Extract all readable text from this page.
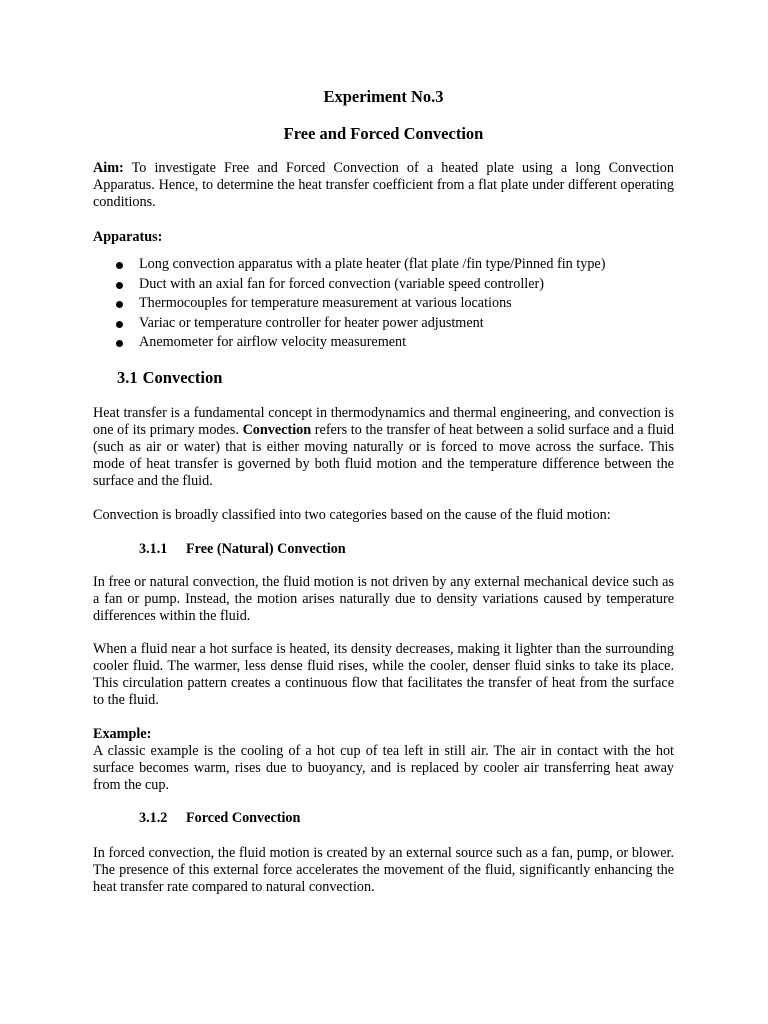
Experiment No.3
Free and Forced Convection

Aim: To investigate Free and Forced Convection of a heated plate using a long Convection Apparatus. Hence, to determine the heat transfer coefficient from a flat plate under different operating conditions.

Apparatus:

Long convection apparatus with a plate heater (flat plate /fin type/Pinned fin type)
Duct with an axial fan for forced convection (variable speed controller)
Thermocouples for temperature measurement at various locations
Variac or temperature controller for heater power adjustment
Anemometer for airflow velocity measurement
3.1 Convection

Heat transfer is a fundamental concept in thermodynamics and thermal engineering, and convection is one of its primary modes. Convection refers to the transfer of heat between a solid surface and a fluid (such as air or water) that is either moving naturally or is forced to move across the surface. This mode of heat transfer is governed by both fluid motion and the temperature difference between the surface and the fluid.

Convection is broadly classified into two categories based on the cause of the fluid motion:

3.1.1 Free (Natural) Convection

In free or natural convection, the fluid motion is not driven by any external mechanical device such as a fan or pump. Instead, the motion arises naturally due to density variations caused by temperature differences within the fluid.

When a fluid near a hot surface is heated, its density decreases, making it lighter than the surrounding cooler fluid. The warmer, less dense fluid rises, while the cooler, denser fluid sinks to take its place. This circulation pattern creates a continuous flow that facilitates the transfer of heat from the surface to the fluid.

Example:

A classic example is the cooling of a hot cup of tea left in still air. The air in contact with the hot surface becomes warm, rises due to buoyancy, and is replaced by cooler air transferring heat away from the cup.

3.1.2 Forced Convection

In forced convection, the fluid motion is created by an external source such as a fan, pump, or blower. The presence of this external force accelerates the movement of the fluid, significantly enhancing the heat transfer rate compared to natural convection.
